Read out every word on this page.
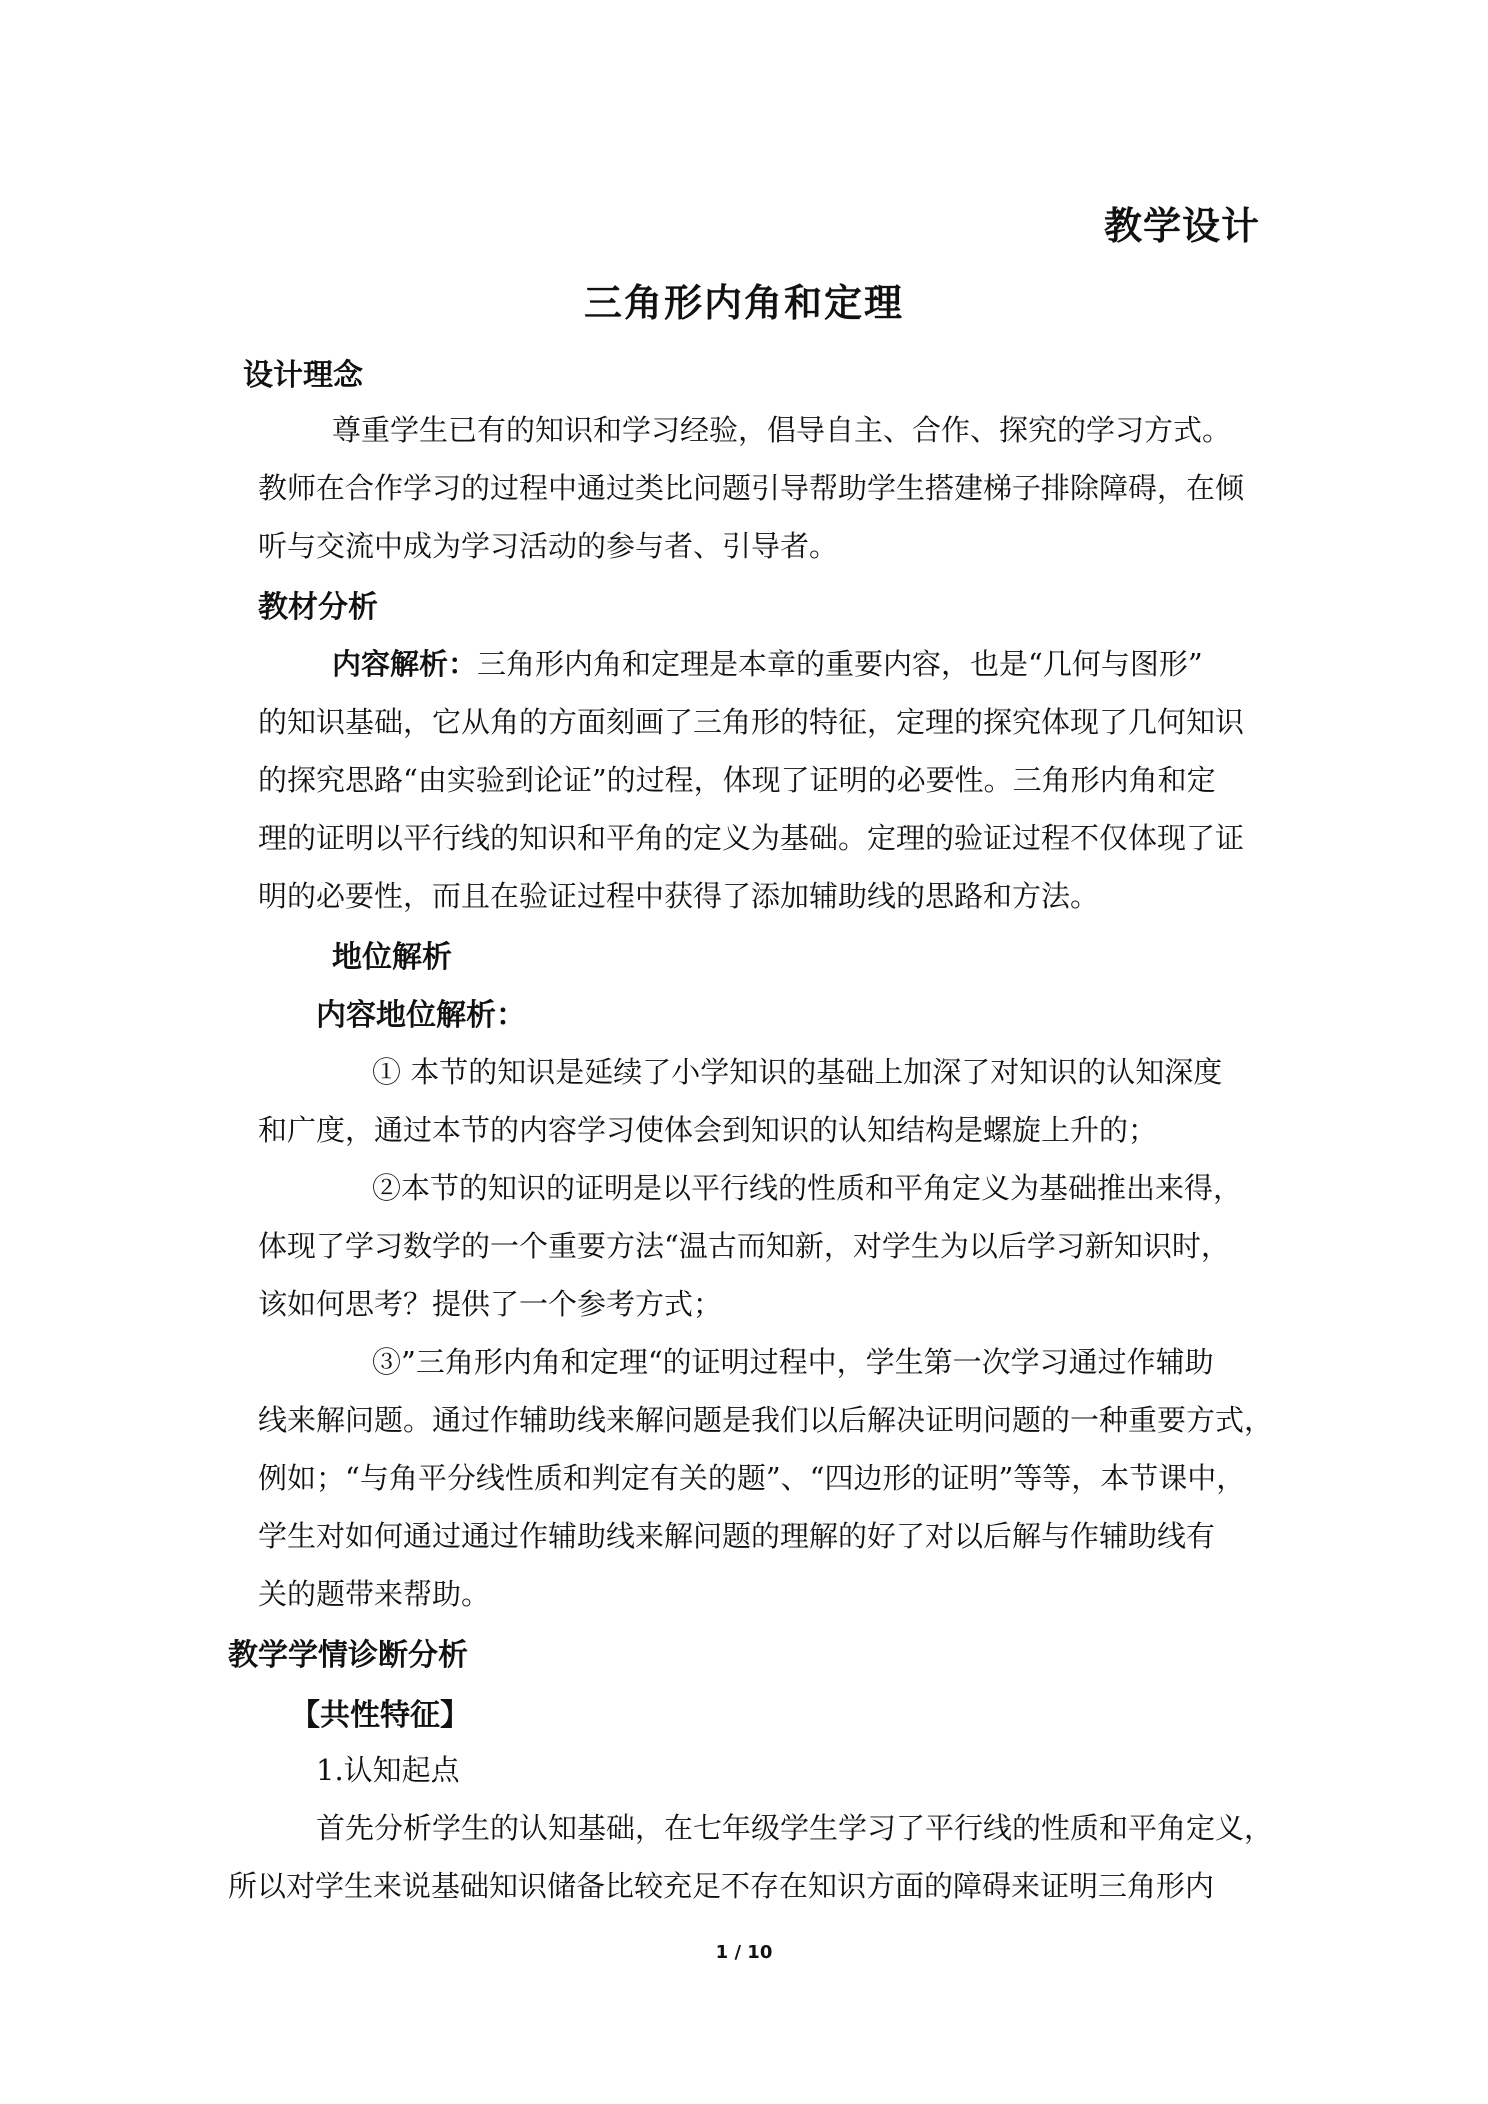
教学设计
三角形内角和定理
设计理念
尊重学生已有的知识和学习经验，倡导自主、合作、探究的学习方式。
教师在合作学习的过程中通过类比问题引导帮助学生搭建梯子排除障碍，在倾
听与交流中成为学习活动的参与者、引导者。
教材分析
内容解析：三角形内角和定理是本章的重要内容，也是“几何与图形”
的知识基础，它从角的方面刻画了三角形的特征，定理的探究体现了几何知识
的探究思路“由实验到论证”的过程，体现了证明的必要性。三角形内角和定
理的证明以平行线的知识和平角的定义为基础。定理的验证过程不仅体现了证
明的必要性，而且在验证过程中获得了添加辅助线的思路和方法。
地位解析
内容地位解析：
① 本节的知识是延续了小学知识的基础上加深了对知识的认知深度
和广度，通过本节的内容学习使体会到知识的认知结构是螺旋上升的；
②本节的知识的证明是以平行线的性质和平角定义为基础推出来得，
体现了学习数学的一个重要方法“温古而知新，对学生为以后学习新知识时，
该如何思考？提供了一个参考方式；
③”三角形内角和定理“的证明过程中，学生第一次学习通过作辅助
线来解问题。通过作辅助线来解问题是我们以后解决证明问题的一种重要方式，
例如；“与角平分线性质和判定有关的题”、“四边形的证明”等等，本节课中，
学生对如何通过通过作辅助线来解问题的理解的好了对以后解与作辅助线有
关的题带来帮助。
教学学情诊断分析
【共性特征】
1.认知起点
首先分析学生的认知基础，在七年级学生学习了平行线的性质和平角定义，
所以对学生来说基础知识储备比较充足不存在知识方面的障碍来证明三角形内
1 / 10
